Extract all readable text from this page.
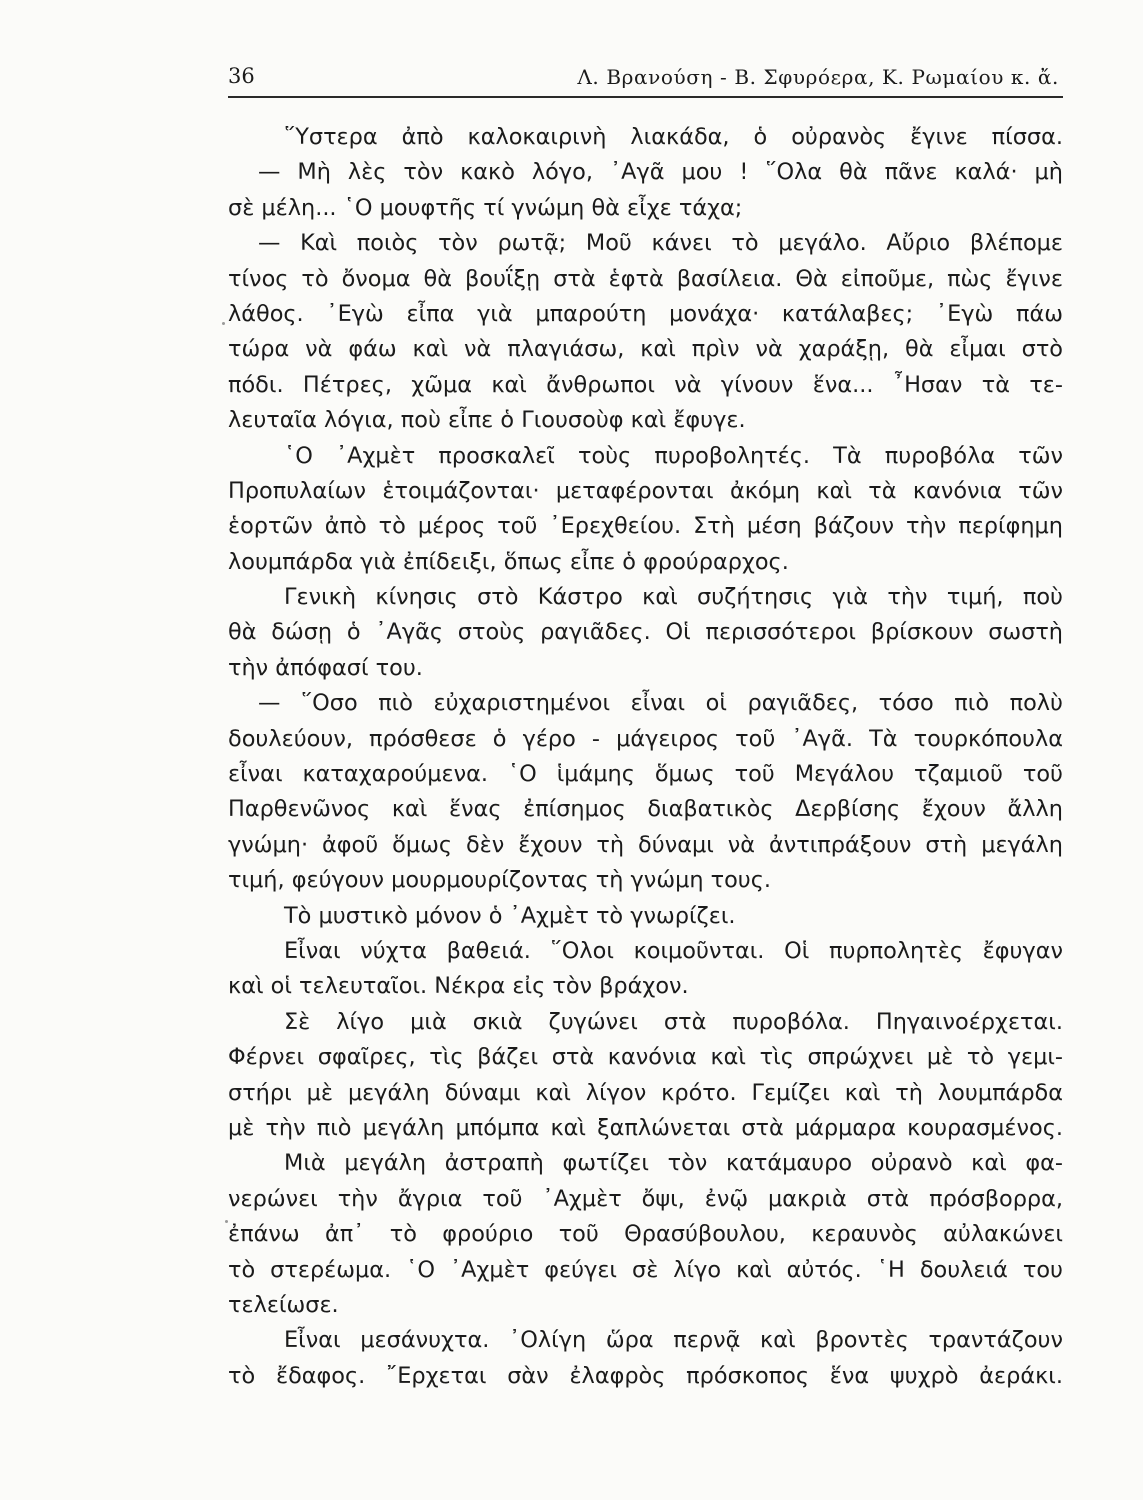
36	Λ. Βρανούση - Β. Σφυρόερα, Κ. Ρωμαίου κ. ἄ.
῞Υστερα ἀπὸ καλοκαιρινὴ λιακάδα, ὁ οὐρανὸς ἔγινε πίσσα.
— Μὴ λὲς τὸν κακὸ λόγο, ᾿Αγᾶ μου ! ῞Ολα θὰ πᾶνε καλά· μὴ
σὲ μέλη... ῾Ο μουφτῆς τί γνώμη θὰ εἶχε τάχα;
— Καὶ ποιὸς τὸν ρωτᾷ; Μοῦ κάνει τὸ μεγάλο. Αὔριο βλέπομε
τίνος τὸ ὄνομα θὰ βουΐξῃ στὰ ἑφτὰ βασίλεια. Θὰ εἰποῦμε, πὼς ἔγινε
λάθος. ᾿Εγὼ εἶπα γιὰ μπαρούτη μονάχα· κατάλαβες; ᾿Εγὼ πάω
τώρα νὰ φάω καὶ νὰ πλαγιάσω, καὶ πρὶν νὰ χαράξῃ, θὰ εἶμαι στὸ
πόδι. Πέτρες, χῶμα καὶ ἄνθρωποι νὰ γίνουν ἕνα... ῏Ησαν τὰ τε-
λευταῖα λόγια, ποὺ εἶπε ὁ Γιουσοὺφ καὶ ἔφυγε.
῾Ο ᾿Αχμὲτ προσκαλεῖ τοὺς πυροβολητές. Τὰ πυροβόλα τῶν
Προπυλαίων ἑτοιμάζονται· μεταφέρονται ἀκόμη καὶ τὰ κανόνια τῶν
ἑορτῶν ἀπὸ τὸ μέρος τοῦ ᾿Ερεχθείου. Στὴ μέση βάζουν τὴν περίφημη
λουμπάρδα γιὰ ἐπίδειξι, ὅπως εἶπε ὁ φρούραρχος.
Γενικὴ κίνησις στὸ Κάστρο καὶ συζήτησις γιὰ τὴν τιμή, ποὺ
θὰ δώσῃ ὁ ᾿Αγᾶς στοὺς ραγιᾶδες. Οἱ περισσότεροι βρίσκουν σωστὴ
τὴν ἀπόφασί του.
— ῞Οσο πιὸ εὐχαριστημένοι εἶναι οἱ ραγιᾶδες, τόσο πιὸ πολὺ
δουλεύουν, πρόσθεσε ὁ γέρο - μάγειρος τοῦ ᾿Αγᾶ. Τὰ τουρκόπουλα
εἶναι καταχαρούμενα. ῾Ο ἱμάμης ὅμως τοῦ Μεγάλου τζαμιοῦ τοῦ
Παρθενῶνος καὶ ἕνας ἐπίσημος διαβατικὸς Δερβίσης ἔχουν ἄλλη
γνώμη· ἀφοῦ ὅμως δὲν ἔχουν τὴ δύναμι νὰ ἀντιπράξουν στὴ μεγάλη
τιμή, φεύγουν μουρμουρίζοντας τὴ γνώμη τους.
Τὸ μυστικὸ μόνον ὁ ᾿Αχμὲτ τὸ γνωρίζει.
Εἶναι νύχτα βαθειά. ῞Ολοι κοιμοῦνται. Οἱ πυρπολητὲς ἔφυγαν
καὶ οἱ τελευταῖοι. Νέκρα εἰς τὸν βράχον.
Σὲ λίγο μιὰ σκιὰ ζυγώνει στὰ πυροβόλα. Πηγαινοέρχεται.
Φέρνει σφαῖρες, τὶς βάζει στὰ κανόνια καὶ τὶς σπρώχνει μὲ τὸ γεμι-
στήρι μὲ μεγάλη δύναμι καὶ λίγον κρότο. Γεμίζει καὶ τὴ λουμπάρδα
μὲ τὴν πιὸ μεγάλη μπόμπα καὶ ξαπλώνεται στὰ μάρμαρα κουρασμένος.
Μιὰ μεγάλη ἀστραπὴ φωτίζει τὸν κατάμαυρο οὐρανὸ καὶ φα-
νερώνει τὴν ἄγρια τοῦ ᾿Αχμὲτ ὄψι, ἐνῷ μακριὰ στὰ πρόσβορρα,
ἐπάνω ἀπ᾿ τὸ φρούριο τοῦ Θρασύβουλου, κεραυνὸς αὐλακώνει
τὸ στερέωμα. ῾Ο ᾿Αχμὲτ φεύγει σὲ λίγο καὶ αὐτός. ῾Η δουλειά του
τελείωσε.
Εἶναι μεσάνυχτα. ᾿Ολίγη ὥρα περνᾷ καὶ βροντὲς τραντάζουν
τὸ ἔδαφος. ῎Ερχεται σὰν ἐλαφρὸς πρόσκοπος ἕνα ψυχρὸ ἀεράκι.
